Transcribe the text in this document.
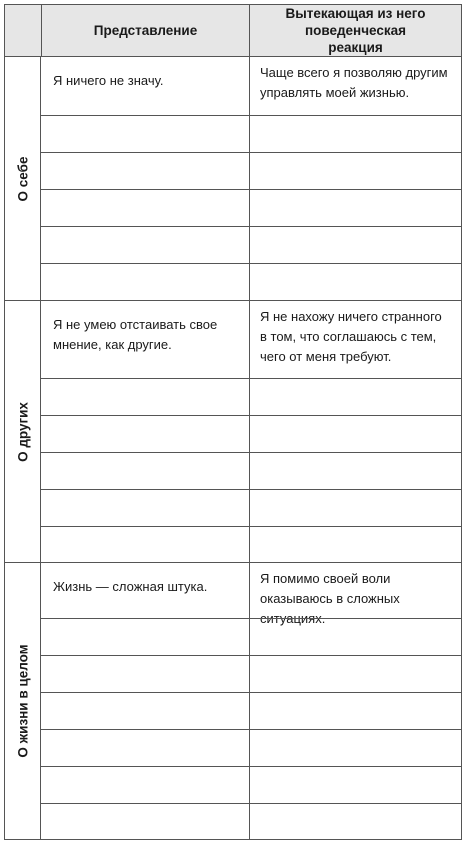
Представление
Вытекающая из него поведенческая реакция
О себе
Я ничего не значу.
Чаще всего я позволяю другим управлять моей жизнью.
О других
Я не умею отстаивать свое мнение, как другие.
Я не нахожу ничего странного в том, что соглашаюсь с тем, чего от меня требуют.
О жизни в целом
Жизнь — сложная штука.
Я помимо своей воли оказываюсь в сложных ситуациях.
